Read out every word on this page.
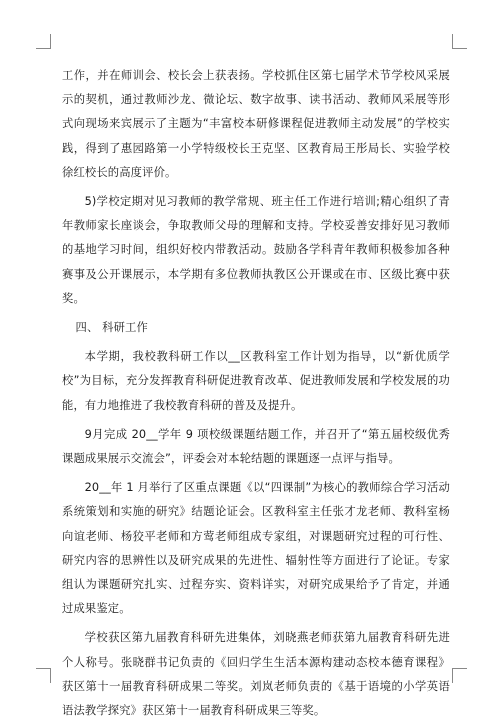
工作，并在师训会、校长会上获表扬。学校抓住区第七届学术节学校风采展示的契机，通过教师沙龙、微论坛、数字故事、读书活动、教师风采展等形式向现场来宾展示了主题为“丰富校本研修课程促进教师主动发展”的学校实践，得到了惠园路第一小学特级校长王克坚、区教育局王彤局长、实验学校徐红校长的高度评价。

5)学校定期对见习教师的教学常规、班主任工作进行培训;精心组织了青年教师家长座谈会，争取教师父母的理解和支持。学校妥善安排好见习教师的基地学习时间，组织好校内带教活动。鼓励各学科青年教师积极参加各种赛事及公开课展示，本学期有多位教师执教区公开课或在市、区级比赛中获奖。

四、 科研工作

本学期，我校教科研工作以__区教科室工作计划为指导，以“新优质学校”为目标，充分发挥教育科研促进教育改革、促进教师发展和学校发展的功能，有力地推进了我校教育科研的普及及提升。

9月完成 20__学年 9 项校级课题结题工作，并召开了“第五届校级优秀课题成果展示交流会”，评委会对本轮结题的课题逐一点评与指导。

20__年 1 月举行了区重点课题《以“四课制”为核心的教师综合学习活动系统策划和实施的研究》结题论证会。区教科室主任张才龙老师、教科室杨向谊老师、杨狡平老师和方莺老师组成专家组，对课题研究过程的可行性、研究内容的思辨性以及研究成果的先进性、辐射性等方面进行了论证。专家组认为课题研究扎实、过程夯实、资料详实，对研究成果给予了肯定，并通过成果鉴定。

学校获区第九届教育科研先进集体，刘晓燕老师获第九届教育科研先进个人称号。张晓群书记负责的《回归学生生活本源构建动态校本德育课程》获区第十一届教育科研成果二等奖。刘岚老师负责的《基于语境的小学英语语法教学探究》获区第十一届教育科研成果三等奖。
